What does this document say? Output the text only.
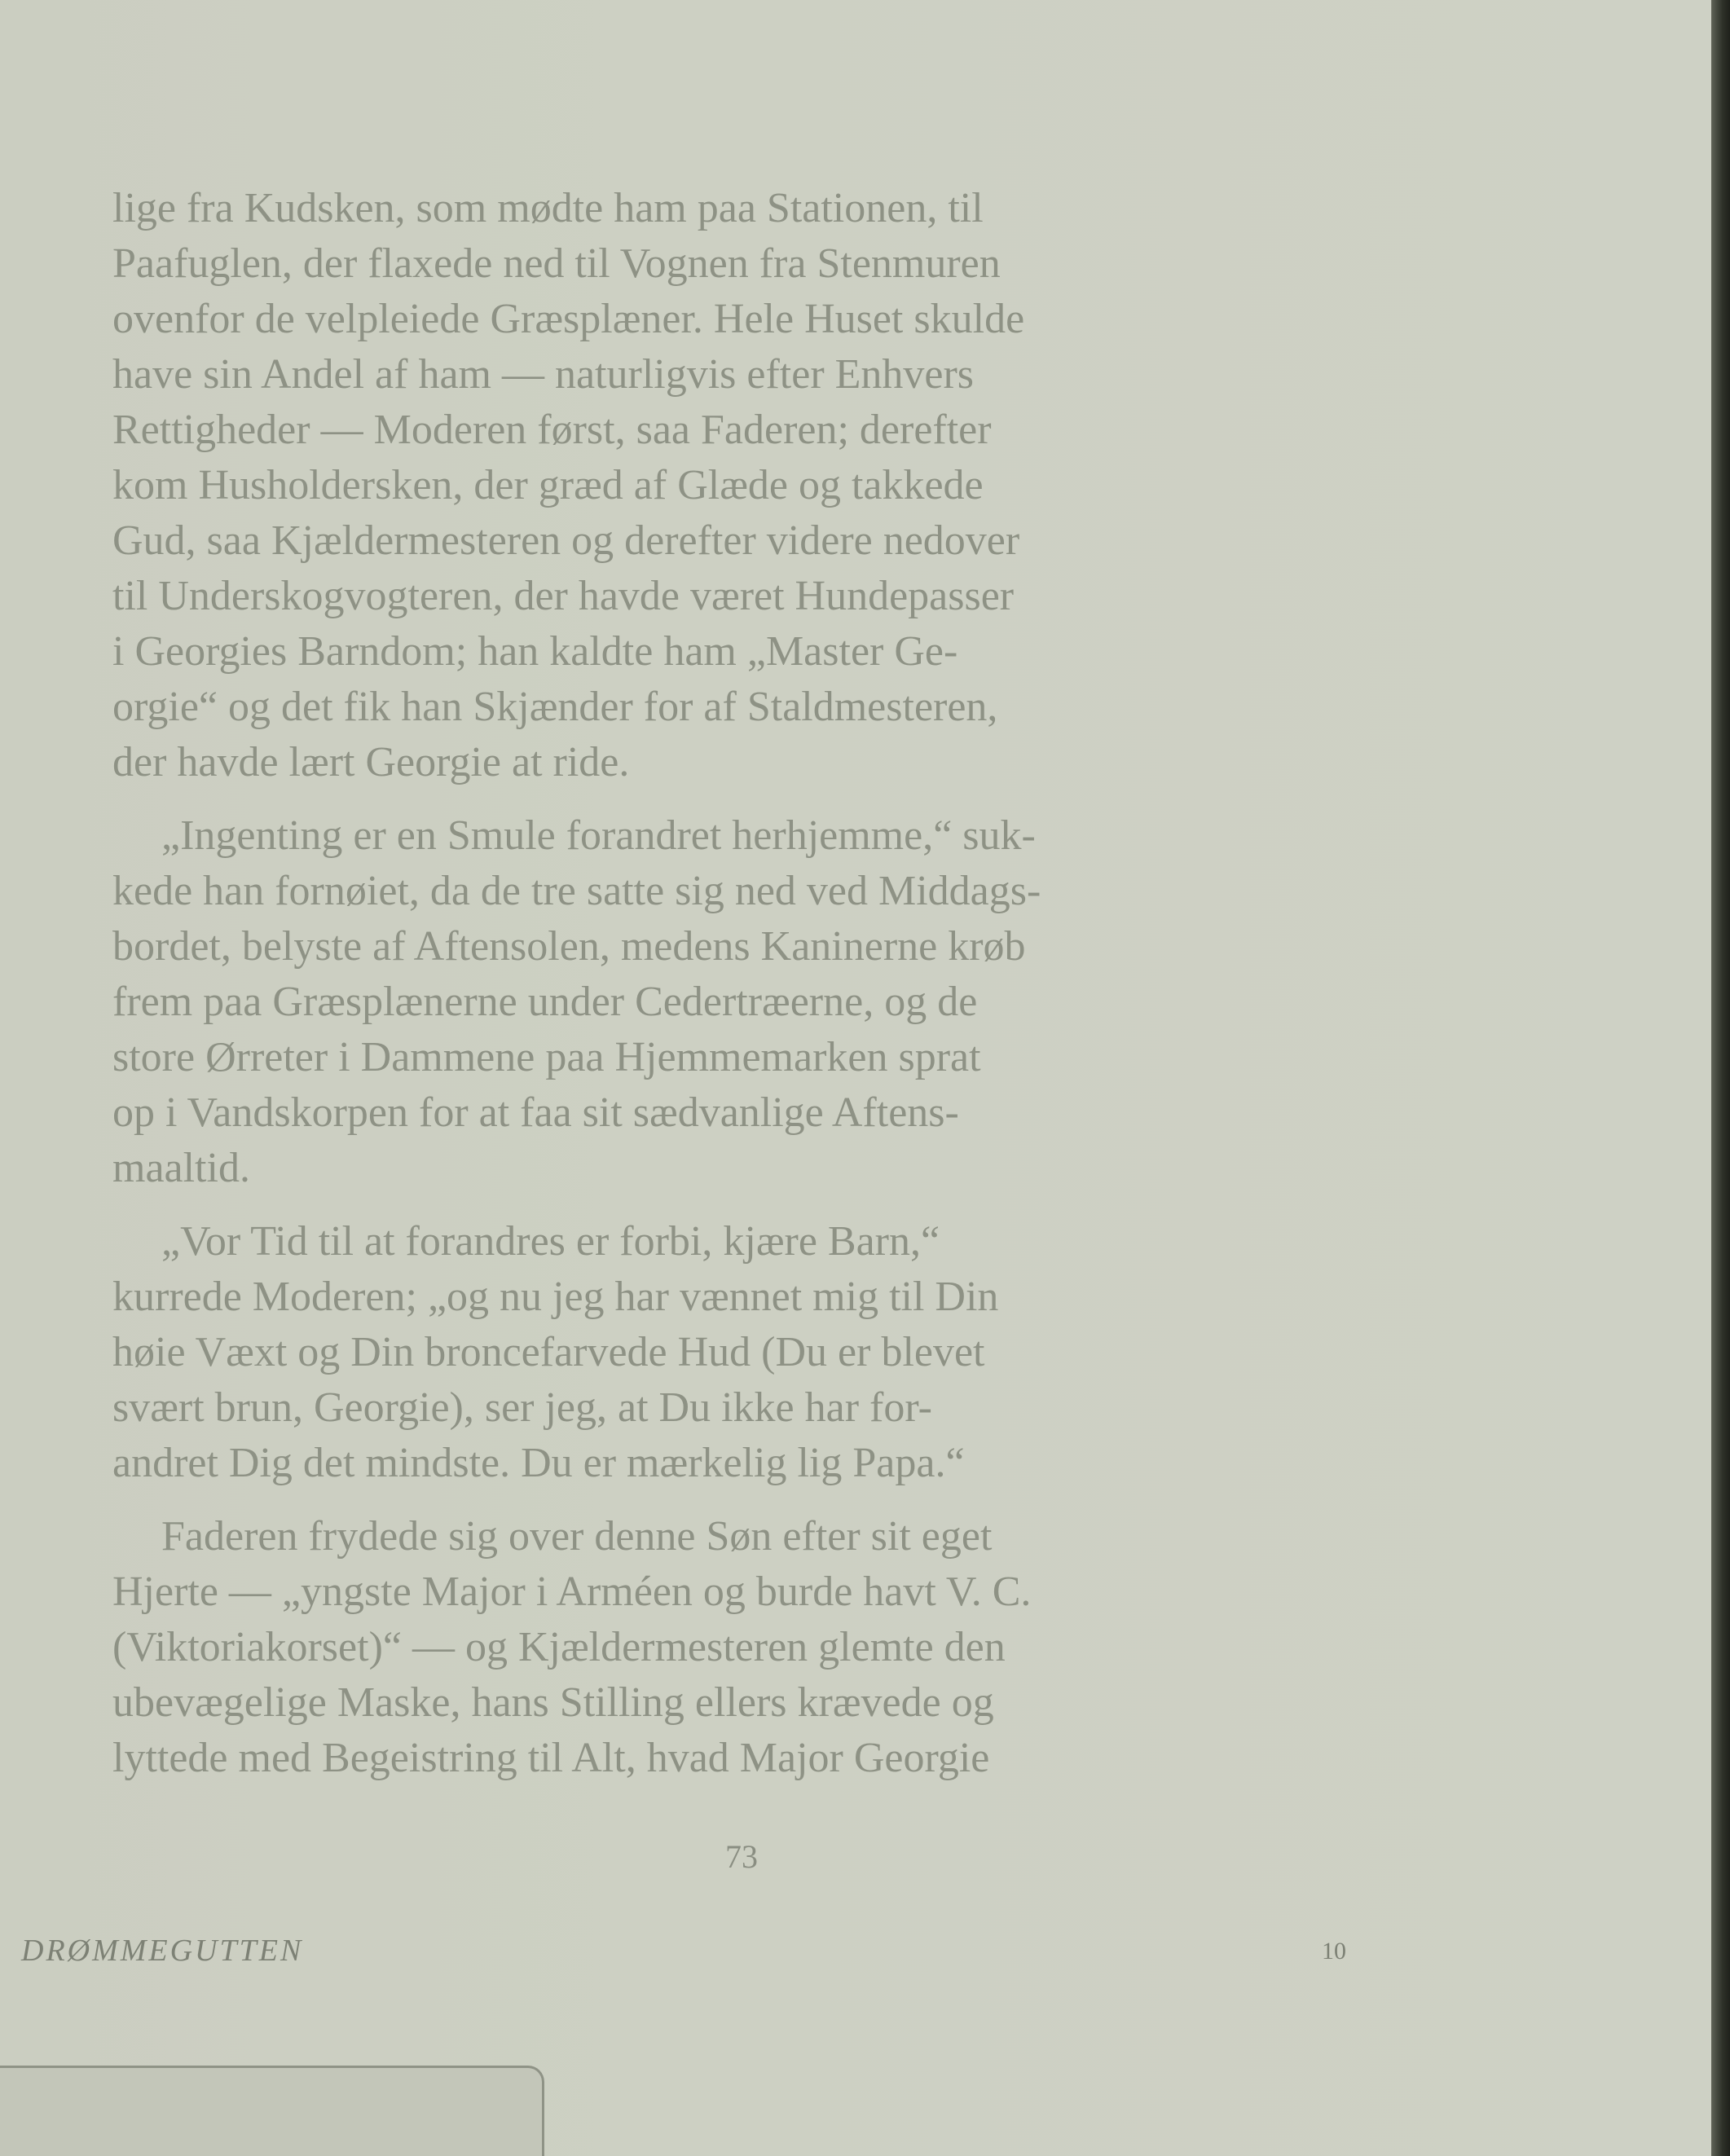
lige fra Kudsken, som mødte ham paa Stationen, til
Paafuglen, der flaxede ned til Vognen fra Stenmuren
ovenfor de velpleiede Græsplæner. Hele Huset skulde
have sin Andel af ham — naturligvis efter Enhvers
Rettigheder — Moderen først, saa Faderen; derefter
kom Husholdersken, der græd af Glæde og takkede
Gud, saa Kjældermesteren og derefter videre nedover
til Underskogvogteren, der havde været Hundepasser
i Georgies Barndom; han kaldte ham „Master Ge-
orgie“ og det fik han Skjænder for af Staldmesteren,
der havde lært Georgie at ride.

„Ingenting er en Smule forandret herhjemme,“ suk-
kede han fornøiet, da de tre satte sig ned ved Middags-
bordet, belyste af Aftensolen, medens Kaninerne krøb
frem paa Græsplænerne under Cedertræerne, og de
store Ørreter i Dammene paa Hjemmemarken sprat
op i Vandskorpen for at faa sit sædvanlige Aftens-
maaltid.

„Vor Tid til at forandres er forbi, kjære Barn,“
kurrede Moderen; „og nu jeg har vænnet mig til Din
høie Væxt og Din broncefarvede Hud (Du er blevet
svært brun, Georgie), ser jeg, at Du ikke har for-
andret Dig det mindste. Du er mærkelig lig Papa.“

Faderen frydede sig over denne Søn efter sit eget
Hjerte — „yngste Major i Arméen og burde havt V. C.
(Viktoriakorset)“ — og Kjældermesteren glemte den
ubevægelige Maske, hans Stilling ellers krævede og
lyttede med Begeistring til Alt, hvad Major Georgie

73
DRØMMEGUTTEN	10
